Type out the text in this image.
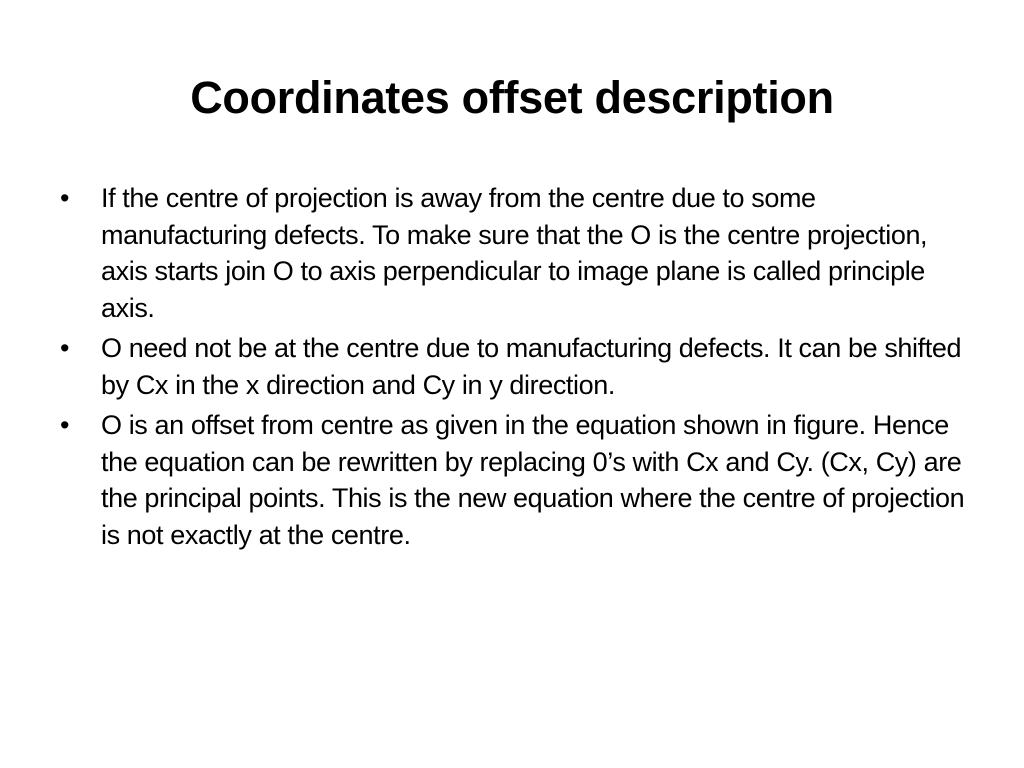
Coordinates offset description
•	If the centre of projection is away from the centre due to some manufacturing defects. To make sure that the O is the centre projection, axis starts join O to axis perpendicular to image plane is called principle axis.
•	O need not be at the centre due to manufacturing defects. It can be shifted by Cx in the x direction and Cy in y direction.
•	O is an offset from centre as given in the equation shown in figure. Hence the equation can be rewritten by replacing 0’s with Cx and Cy. (Cx, Cy) are the principal points. This is the new equation where the centre of projection is not exactly at the centre.
